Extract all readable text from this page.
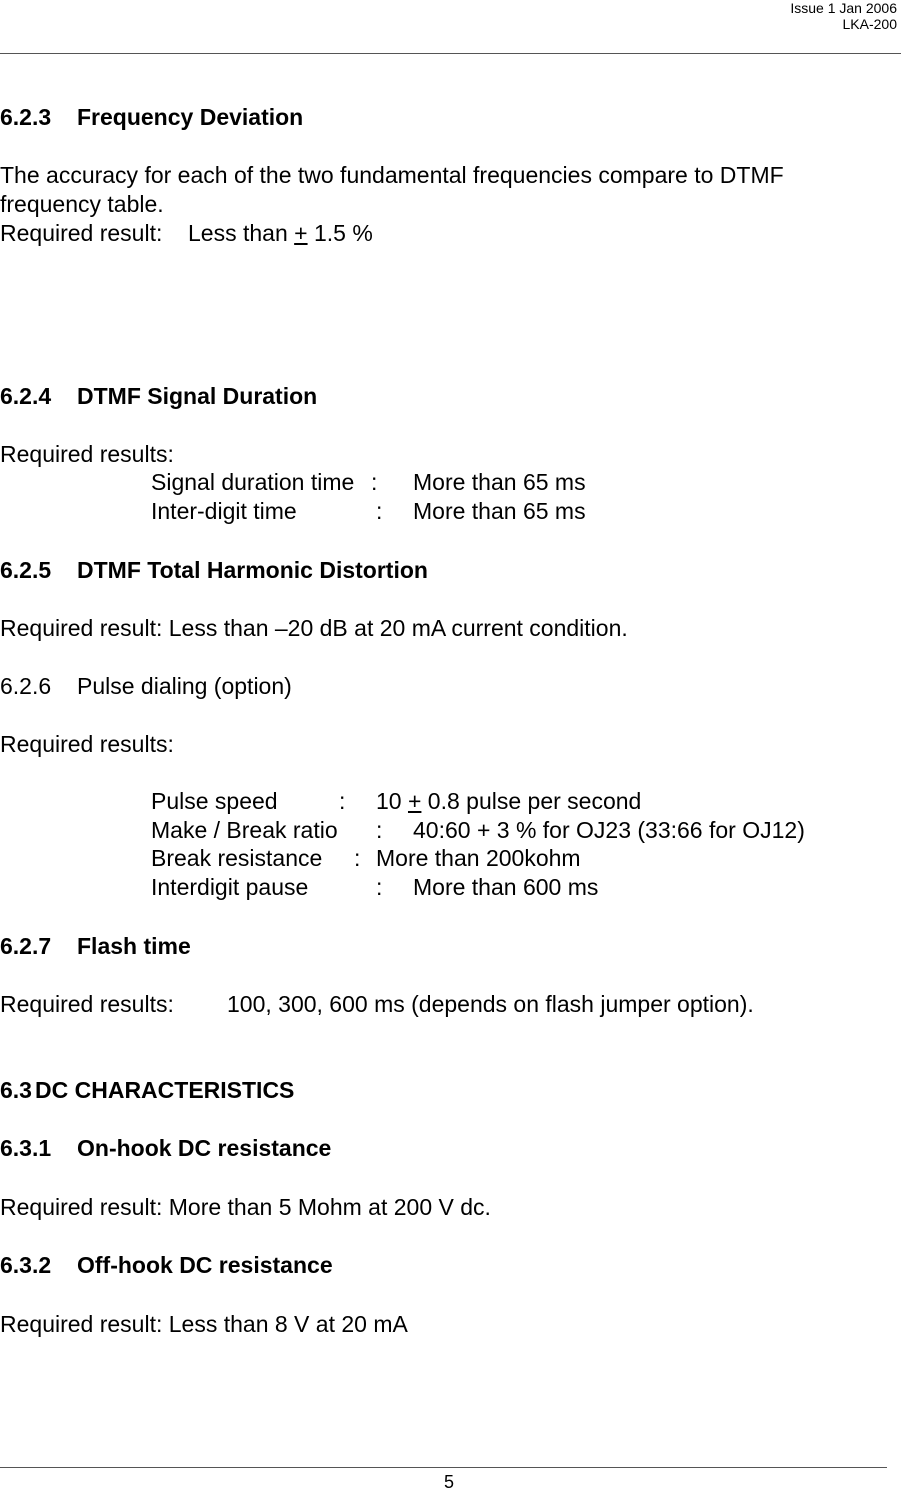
Issue 1 Jan 2006
LKA-200
6.2.3 Frequency Deviation
The accuracy for each of the two fundamental frequencies compare to DTMF
frequency table.
Required result: Less than + 1.5 %
6.2.4 DTMF Signal Duration
Required results:
Signal duration time : More than 65 ms
Inter-digit time	: More than 65 ms
6.2.5 DTMF Total Harmonic Distortion
Required result: Less than –20 dB at 20 mA current condition.
6.2.6 Pulse dialing (option)
Required results:
Pulse speed	: 10 + 0.8 pulse per second
Make / Break ratio : 40:60 + 3 % for OJ23 (33:66 for OJ12)
Break resistance : More than 200kohm
Interdigit pause	: More than 600 ms
6.2.7 Flash time
Required results: 100, 300, 600 ms (depends on flash jumper option).
6.3 DC CHARACTERISTICS
6.3.1 On-hook DC resistance
Required result: More than 5 Mohm at 200 V dc.
6.3.2 Off-hook DC resistance
Required result: Less than 8 V at 20 mA
5
